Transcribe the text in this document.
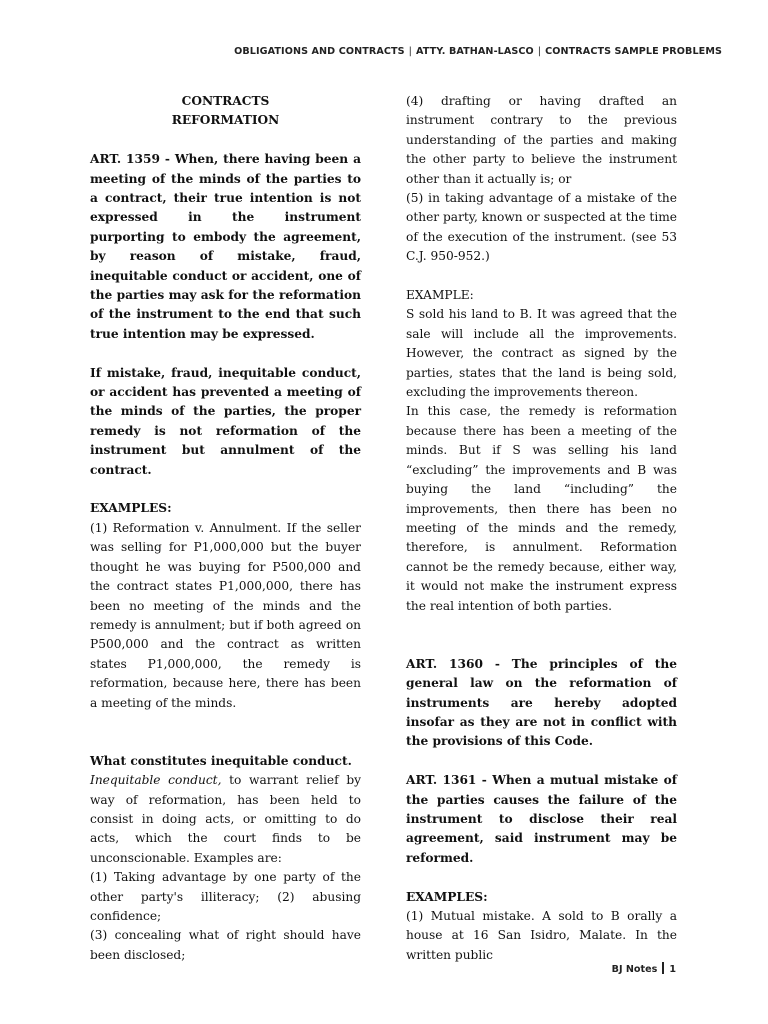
OBLIGATIONS AND CONTRACTS | ATTY. BATHAN-LASCO | CONTRACTS SAMPLE PROBLEMS

CONTRACTS

REFORMATION

ART. 1359 - When, there having been a meeting of the minds of the parties to a contract, their true intention is not expressed in the instrument purporting to embody the agreement, by reason of mistake, fraud, inequitable conduct or accident, one of the parties may ask for the reformation of the instrument to the end that such true intention may be expressed.

If mistake, fraud, inequitable conduct, or accident has prevented a meeting of the minds of the parties, the proper remedy is not reformation of the instrument but annulment of the contract.

EXAMPLES:

(1) Reformation v. Annulment. If the seller was selling for P1,000,000 but the buyer thought he was buying for P500,000 and the contract states P1,000,000, there has been no meeting of the minds and the remedy is annulment; but if both agreed on P500,000 and the contract as written states P1,000,000, the remedy is reformation, because here, there has been a meeting of the minds.

What constitutes inequitable conduct.

Inequitable conduct, to warrant relief by way of reformation, has been held to consist in doing acts, or omitting to do acts, which the court finds to be unconscionable. Examples are:

(1) Taking advantage by one party of the other party's illiteracy; (2) abusing confidence;

(3) concealing what of right should have been disclosed;

(4) drafting or having drafted an instrument contrary to the previous understanding of the parties and making the other party to believe the instrument other than it actually is; or

(5) in taking advantage of a mistake of the other party, known or suspected at the time of the execution of the instrument. (see 53 C.J. 950-952.)

EXAMPLE:

S sold his land to B. It was agreed that the sale will include all the improvements. However, the contract as signed by the parties, states that the land is being sold, excluding the improvements thereon.

In this case, the remedy is reformation because there has been a meeting of the minds. But if S was selling his land “excluding” the improvements and B was buying the land “including” the improvements, then there has been no meeting of the minds and the remedy, therefore, is annulment. Reformation cannot be the remedy because, either way, it would not make the instrument express the real intention of both parties.

ART. 1360 - The principles of the general law on the reformation of instruments are hereby adopted insofar as they are not in conflict with the provisions of this Code.

ART. 1361 - When a mutual mistake of the parties causes the failure of the instrument to disclose their real agreement, said instrument may be reformed.

EXAMPLES:

(1) Mutual mistake. A sold to B orally a house at 16 San Isidro, Malate. In the written public

BJ Notes 1
